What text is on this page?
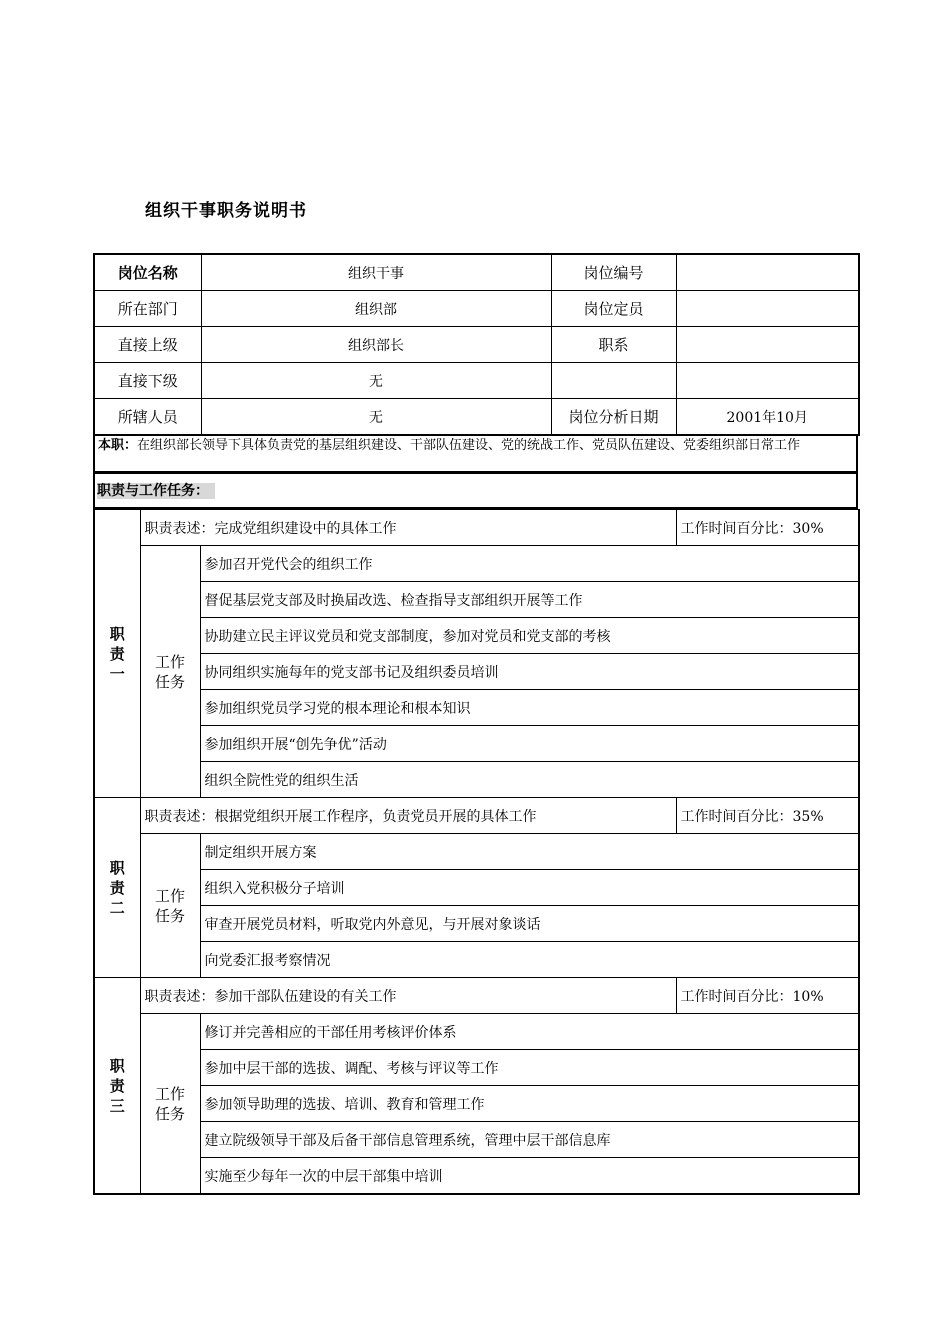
组织干事职务说明书
岗位名称	组织干事	岗位编号	
所在部门	组织部	岗位定员	
直接上级	组织部长	职系	
直接下级	无		
所辖人员	无	岗位分析日期	2001年10月
本职：在组织部长领导下具体负责党的基层组织建设、干部队伍建设、党的统战工作、党员队伍建设、党委组织部日常工作
职责与工作任务：
职责一	职责表述：完成党组织建设中的具体工作		工作时间百分比：30%
	工作任务	参加召开党代会的组织工作	
		督促基层党支部及时换届改选、检查指导支部组织开展等工作	
		协助建立民主评议党员和党支部制度，参加对党员和党支部的考核	
		协同组织实施每年的党支部书记及组织委员培训	
		参加组织党员学习党的根本理论和根本知识	
		参加组织开展“创先争优”活动	
		组织全院性党的组织生活	
职责二	职责表述：根据党组织开展工作程序，负责党员开展的具体工作		工作时间百分比：35%
	工作任务	制定组织开展方案	
		组织入党积极分子培训	
		审查开展党员材料，听取党内外意见，与开展对象谈话	
		向党委汇报考察情况	
职责三	职责表述：参加干部队伍建设的有关工作		工作时间百分比：10%
	工作任务	修订并完善相应的干部任用考核评价体系	
		参加中层干部的选拔、调配、考核与评议等工作	
		参加领导助理的选拔、培训、教育和管理工作	
		建立院级领导干部及后备干部信息管理系统，管理中层干部信息库	
		实施至少每年一次的中层干部集中培训	
